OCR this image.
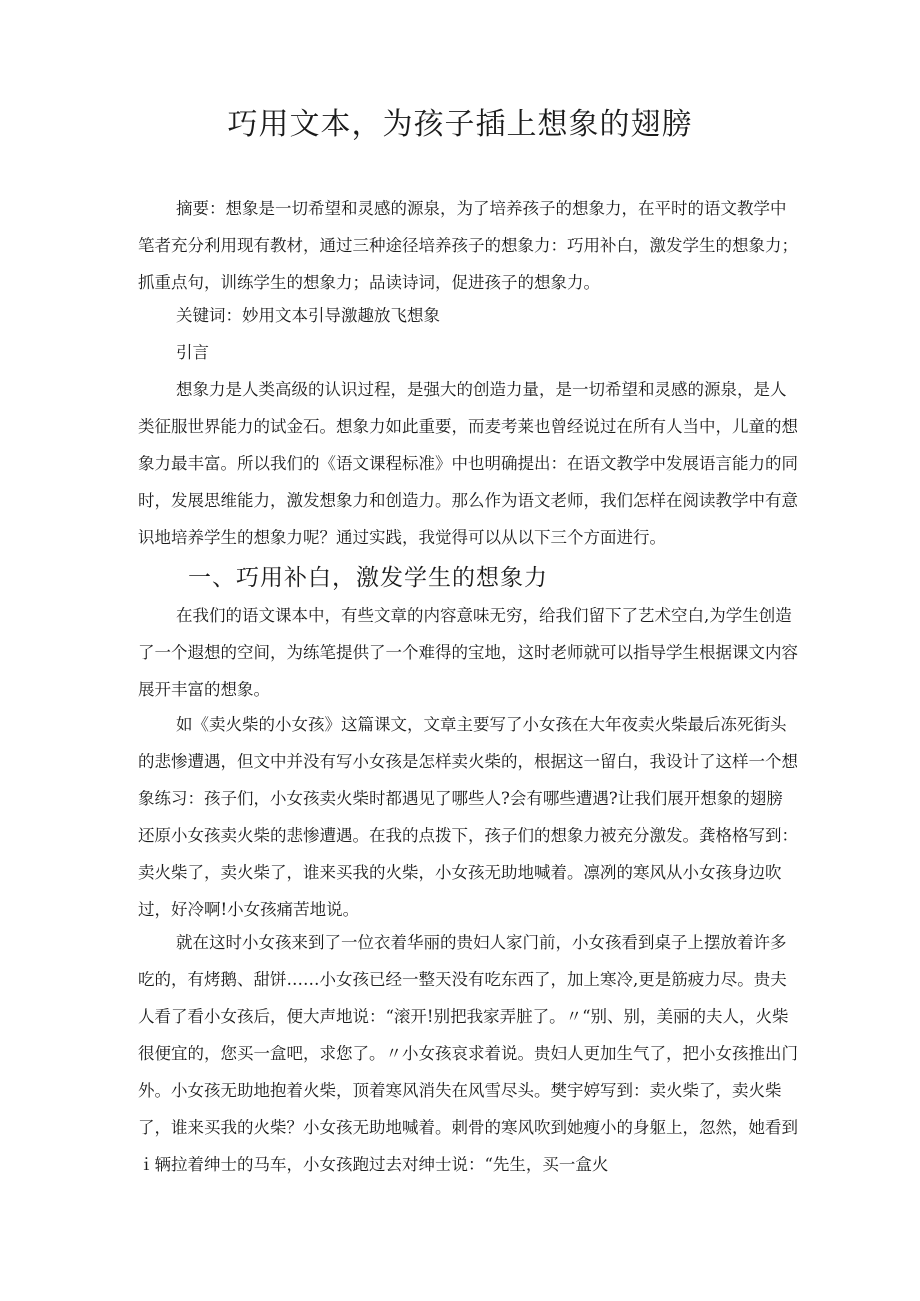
巧用文本，为孩子插上想象的翅膀

摘要：想象是一切希望和灵感的源泉，为了培养孩子的想象力，在平时的语文教学中笔者充分利用现有教材，通过三种途径培养孩子的想象力：巧用补白，激发学生的想象力；抓重点句，训练学生的想象力；品读诗词，促进孩子的想象力。

关键词：妙用文本引导激趣放飞想象

引言

想象力是人类高级的认识过程，是强大的创造力量，是一切希望和灵感的源泉，是人类征服世界能力的试金石。想象力如此重要，而麦考莱也曾经说过在所有人当中，儿童的想象力最丰富。所以我们的《语文课程标准》中也明确提出：在语文教学中发展语言能力的同时，发展思维能力，激发想象力和创造力。那么作为语文老师，我们怎样在阅读教学中有意识地培养学生的想象力呢？通过实践，我觉得可以从以下三个方面进行。

一、巧用补白，激发学生的想象力

在我们的语文课本中，有些文章的内容意味无穷，给我们留下了艺术空白,为学生创造了一个遐想的空间，为练笔提供了一个难得的宝地，这时老师就可以指导学生根据课文内容展开丰富的想象。

如《卖火柴的小女孩》这篇课文，文章主要写了小女孩在大年夜卖火柴最后冻死街头的悲惨遭遇，但文中并没有写小女孩是怎样卖火柴的，根据这一留白，我设计了这样一个想象练习：孩子们，小女孩卖火柴时都遇见了哪些人?会有哪些遭遇?让我们展开想象的翅膀还原小女孩卖火柴的悲惨遭遇。在我的点拨下，孩子们的想象力被充分激发。龚格格写到：卖火柴了，卖火柴了，谁来买我的火柴，小女孩无助地喊着。凛冽的寒风从小女孩身边吹过，好冷啊!小女孩痛苦地说。

就在这时小女孩来到了一位衣着华丽的贵妇人家门前，小女孩看到桌子上摆放着许多吃的，有烤鹅、甜饼……小女孩已经一整天没有吃东西了，加上寒冷,更是筋疲力尽。贵夫人看了看小女孩后，便大声地说：“滚开!别把我家弄脏了。〃“别、别，美丽的夫人，火柴很便宜的，您买一盒吧，求您了。〃小女孩哀求着说。贵妇人更加生气了，把小女孩推出门外。小女孩无助地抱着火柴，顶着寒风消失在风雪尽头。樊宇婷写到：卖火柴了，卖火柴了，谁来买我的火柴？小女孩无助地喊着。刺骨的寒风吹到她瘦小的身躯上，忽然，她看到ｉ辆拉着绅士的马车，小女孩跑过去对绅士说：“先生，买一盒火
